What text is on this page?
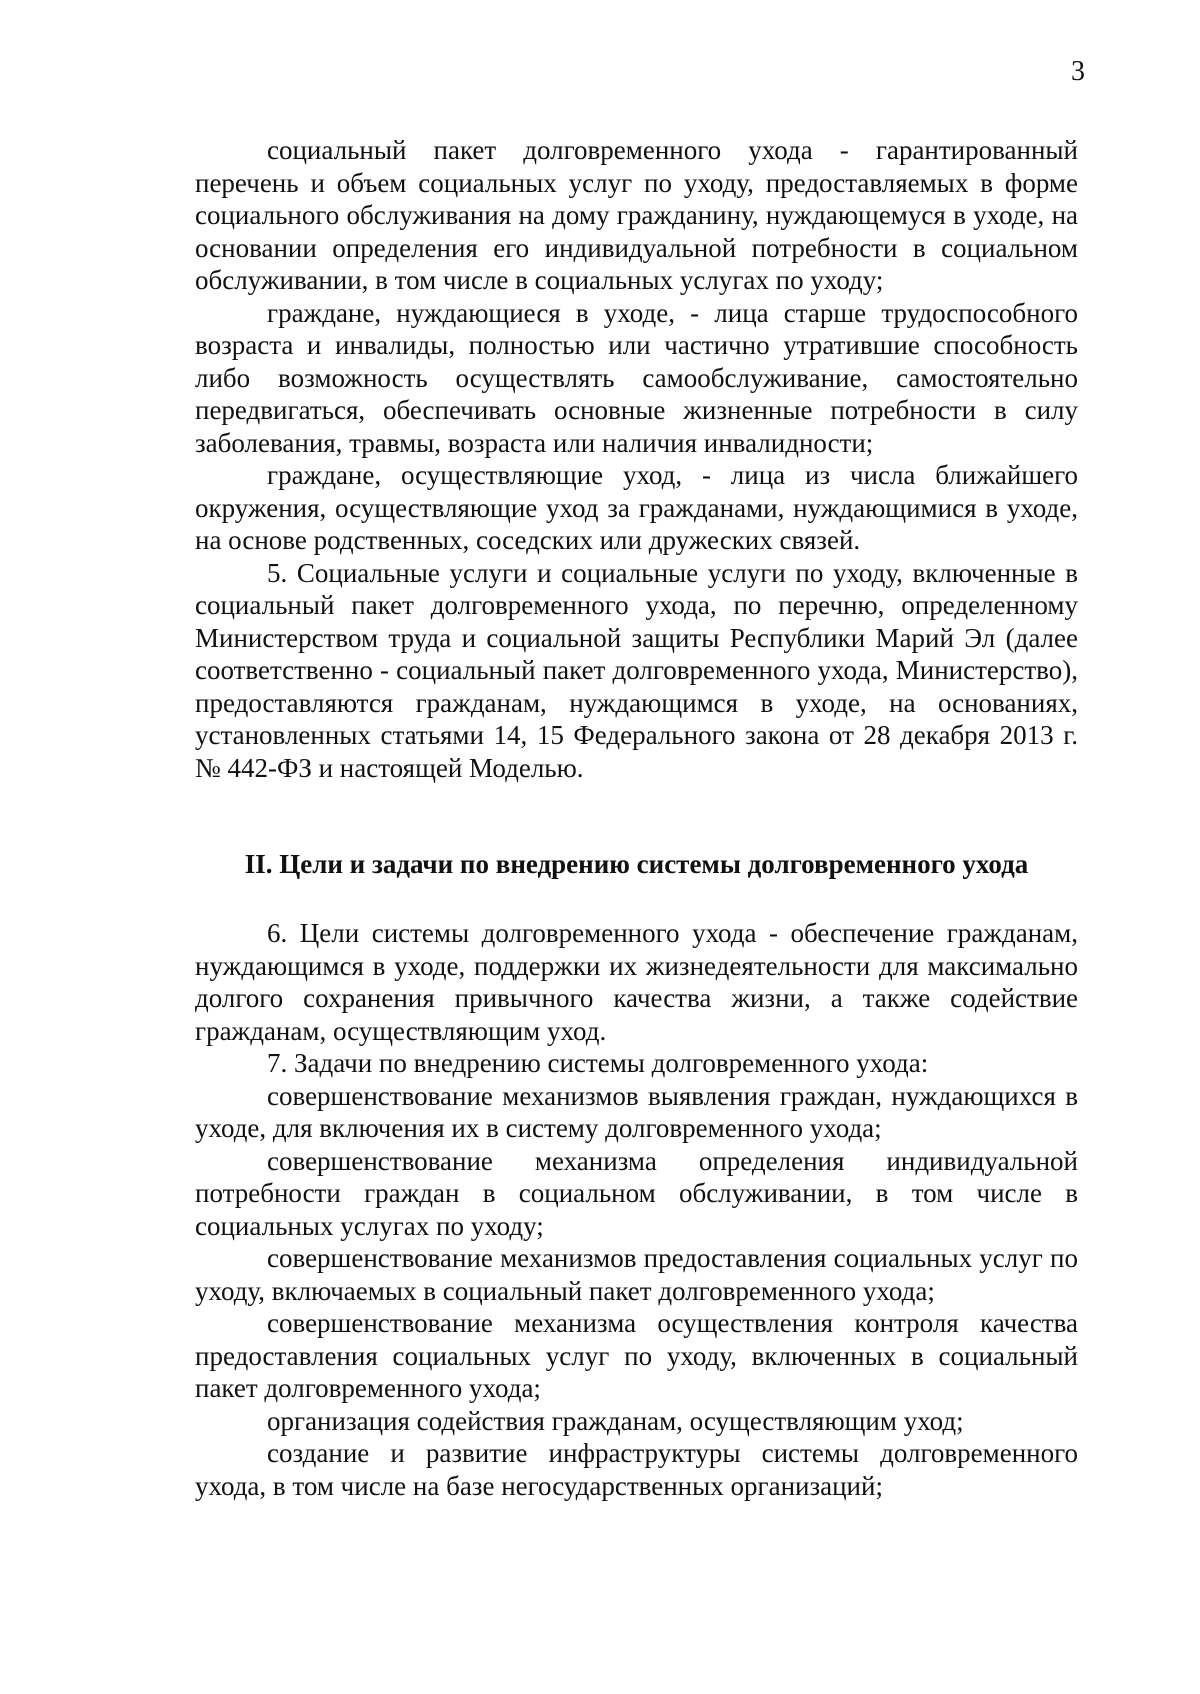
3

социальный пакет долговременного ухода - гарантированный перечень и объем социальных услуг по уходу, предоставляемых в форме социального обслуживания на дому гражданину, нуждающемуся в уходе, на основании определения его индивидуальной потребности в социальном обслуживании, в том числе в социальных услугах по уходу;

граждане, нуждающиеся в уходе, - лица старше трудоспособного возраста и инвалиды, полностью или частично утратившие способность либо возможность осуществлять самообслуживание, самостоятельно передвигаться, обеспечивать основные жизненные потребности в силу заболевания, травмы, возраста или наличия инвалидности;

граждане, осуществляющие уход, - лица из числа ближайшего окружения, осуществляющие уход за гражданами, нуждающимися в уходе, на основе родственных, соседских или дружеских связей.

5. Социальные услуги и социальные услуги по уходу, включенные в социальный пакет долговременного ухода, по перечню, определенному Министерством труда и социальной защиты Республики Марий Эл (далее соответственно - социальный пакет долговременного ухода, Министерство), предоставляются гражданам, нуждающимся в уходе, на основаниях, установленных статьями 14, 15 Федерального закона от 28 декабря 2013 г. № 442-ФЗ и настоящей Моделью.

II. Цели и задачи по внедрению системы долговременного ухода

6. Цели системы долговременного ухода - обеспечение гражданам, нуждающимся в уходе, поддержки их жизнедеятельности для максимально долгого сохранения привычного качества жизни, а также содействие гражданам, осуществляющим уход.

7. Задачи по внедрению системы долговременного ухода:

совершенствование механизмов выявления граждан, нуждающихся в уходе, для включения их в систему долговременного ухода;

совершенствование механизма определения индивидуальной потребности граждан в социальном обслуживании, в том числе в социальных услугах по уходу;

совершенствование механизмов предоставления социальных услуг по уходу, включаемых в социальный пакет долговременного ухода;

совершенствование механизма осуществления контроля качества предоставления социальных услуг по уходу, включенных в социальный пакет долговременного ухода;

организация содействия гражданам, осуществляющим уход;

создание и развитие инфраструктуры системы долговременного ухода, в том числе на базе негосударственных организаций;
